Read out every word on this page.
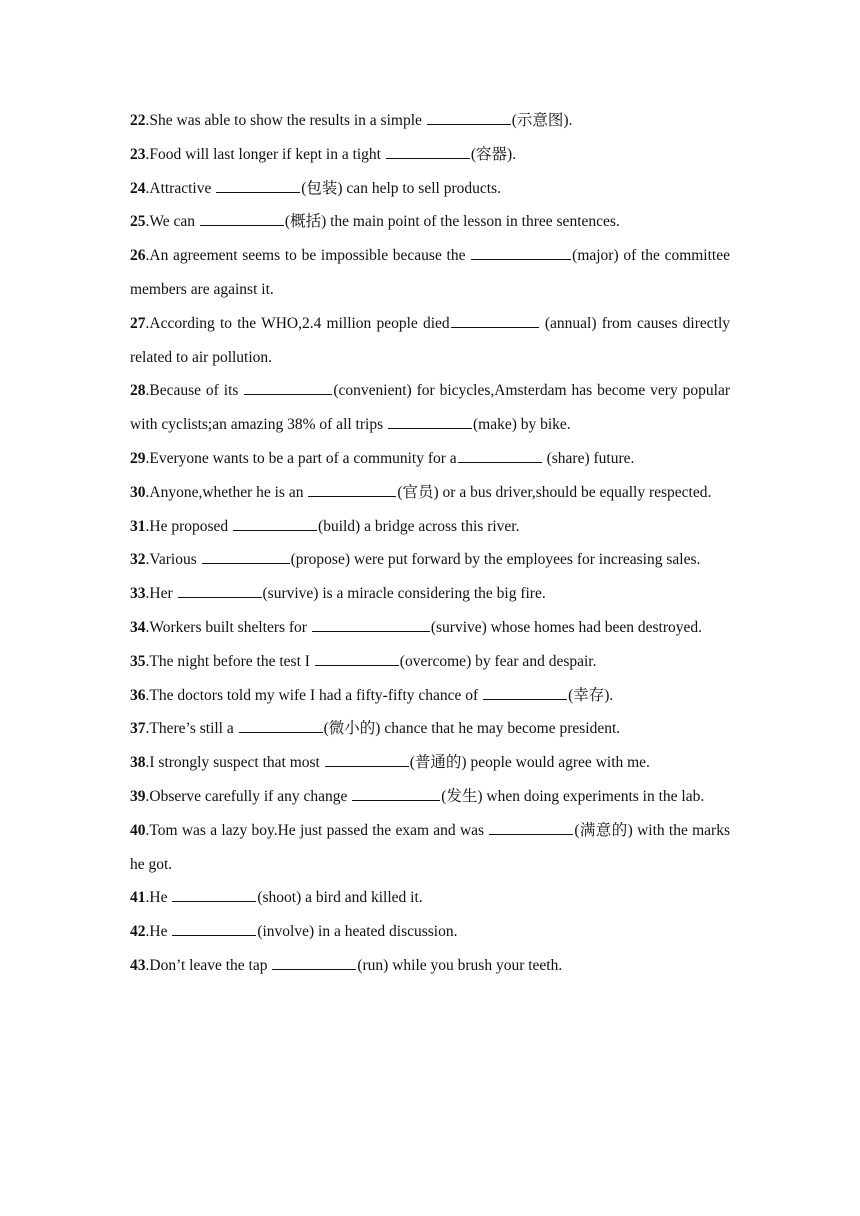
22.She was able to show the results in a simple	(示意图).

23.Food will last longer if kept in a tight	(容器).

24.Attractive	(包装) can help to sell products.

25.We can	(概括) the main point of the lesson in three sentences.

26.An agreement seems to be impossible because the	(major) of the committee members are against it.

27.According to the WHO,2.4 million people died	(annual) from causes directly related to air pollution.

28.Because of its	(convenient) for bicycles,Amsterdam has become very popular with cyclists;an amazing 38% of all trips	(make) by bike.

29.Everyone wants to be a part of a community for a	(share) future.

30.Anyone,whether he is an	(官员) or a bus driver,should be equally respected.

31.He proposed	(build) a bridge across this river.

32.Various	(propose) were put forward by the employees for increasing sales.

33.Her	(survive) is a miracle considering the big fire.

34.Workers built shelters for	(survive) whose homes had been destroyed.

35.The night before the test I	(overcome) by fear and despair.

36.The doctors told my wife I had a fifty-fifty chance of	(幸存).

37.There’s still a	(微小的) chance that he may become president.

38.I strongly suspect that most	(普通的) people would agree with me.

39.Observe carefully if any change	(发生) when doing experiments in the lab.

40.Tom was a lazy boy.He just passed the exam and was	(满意的) with the marks he got.

41.He	(shoot) a bird and killed it.

42.He	(involve) in a heated discussion.

43.Don’t leave the tap	(run) while you brush your teeth.
